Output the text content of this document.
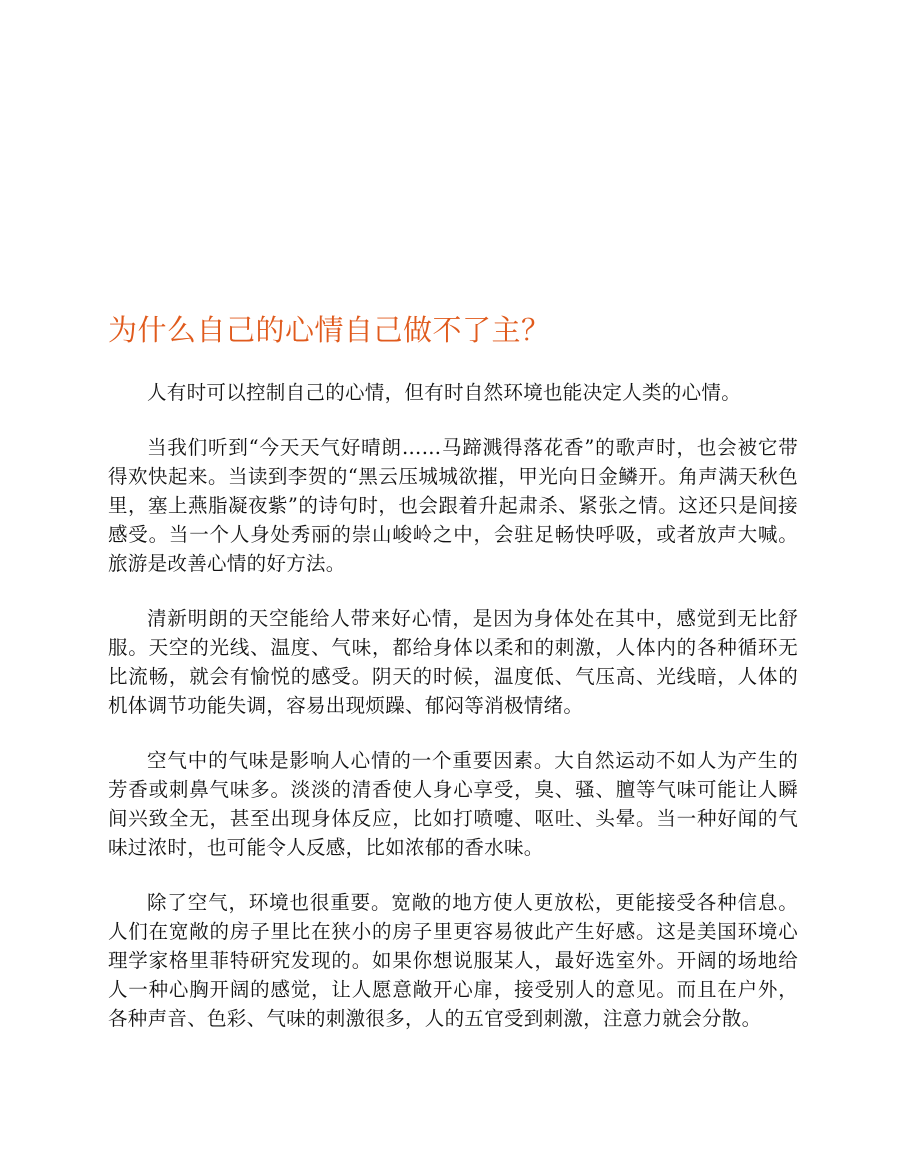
为什么自己的心情自己做不了主？

人有时可以控制自己的心情，但有时自然环境也能决定人类的心情。

当我们听到“今天天气好晴朗……马蹄溅得落花香”的歌声时，也会被它带得欢快起来。当读到李贺的“黑云压城城欲摧，甲光向日金鳞开。角声满天秋色里，塞上燕脂凝夜紫”的诗句时，也会跟着升起肃杀、紧张之情。这还只是间接感受。当一个人身处秀丽的崇山峻岭之中，会驻足畅快呼吸，或者放声大喊。旅游是改善心情的好方法。

清新明朗的天空能给人带来好心情，是因为身体处在其中，感觉到无比舒服。天空的光线、温度、气味，都给身体以柔和的刺激，人体内的各种循环无比流畅，就会有愉悦的感受。阴天的时候，温度低、气压高、光线暗，人体的机体调节功能失调，容易出现烦躁、郁闷等消极情绪。

空气中的气味是影响人心情的一个重要因素。大自然运动不如人为产生的芳香或刺鼻气味多。淡淡的清香使人身心享受，臭、骚、膻等气味可能让人瞬间兴致全无，甚至出现身体反应，比如打喷嚏、呕吐、头晕。当一种好闻的气味过浓时，也可能令人反感，比如浓郁的香水味。

除了空气，环境也很重要。宽敞的地方使人更放松，更能接受各种信息。人们在宽敞的房子里比在狭小的房子里更容易彼此产生好感。这是美国环境心理学家格里菲特研究发现的。如果你想说服某人，最好选室外。开阔的场地给人一种心胸开阔的感觉，让人愿意敞开心扉，接受别人的意见。而且在户外，各种声音、色彩、气味的刺激很多，人的五官受到刺激，注意力就会分散。
